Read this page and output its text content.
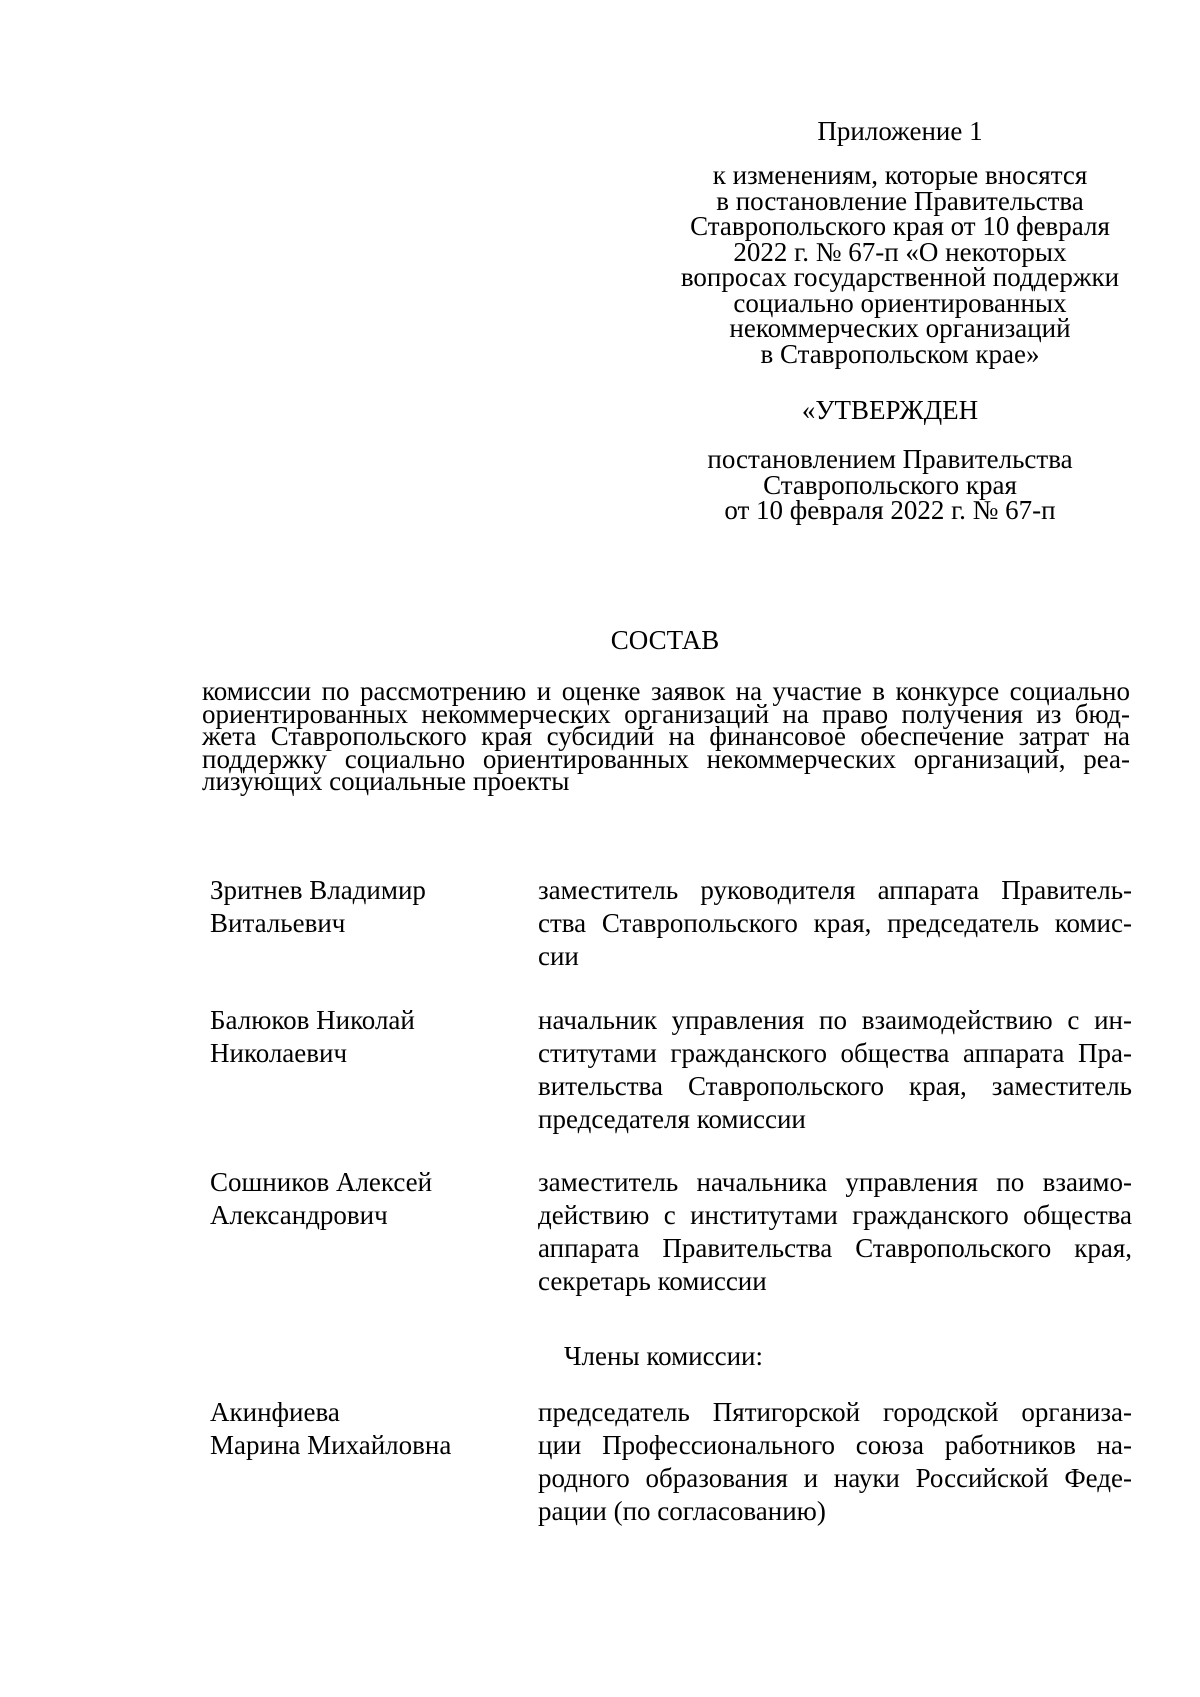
Приложение 1
к изменениям, которые вносятся
в постановление Правительства
Ставропольского края от 10 февраля
2022 г. № 67-п «О некоторых
вопросах государственной поддержки
социально ориентированных
некоммерческих организаций
в Ставропольском крае»
«УТВЕРЖДЕН
постановлением Правительства
Ставропольского края
от 10 февраля 2022 г. № 67-п
СОСТАВ
комиссии по рассмотрению и оценке заявок на участие в конкурсе социально
ориентированных некоммерческих организаций на право получения из бюд-
жета Ставропольского края субсидий на финансовое обеспечение затрат на
поддержку социально ориентированных некоммерческих организаций, реа-
лизующих социальные проекты
Зритнев Владимир
Витальевич
заместитель руководителя аппарата Правитель-
ства Ставропольского края, председатель комис-
сии
Балюков Николай
Николаевич
начальник управления по взаимодействию с ин-
ститутами гражданского общества аппарата Пра-
вительства Ставропольского края, заместитель
председателя комиссии
Сошников Алексей
Александрович
заместитель начальника управления по взаимо-
действию с институтами гражданского общества
аппарата Правительства Ставропольского края,
секретарь комиссии
Члены комиссии:
Акинфиева
Марина Михайловна
председатель Пятигорской городской организа-
ции Профессионального союза работников на-
родного образования и науки Российской Феде-
рации (по согласованию)
